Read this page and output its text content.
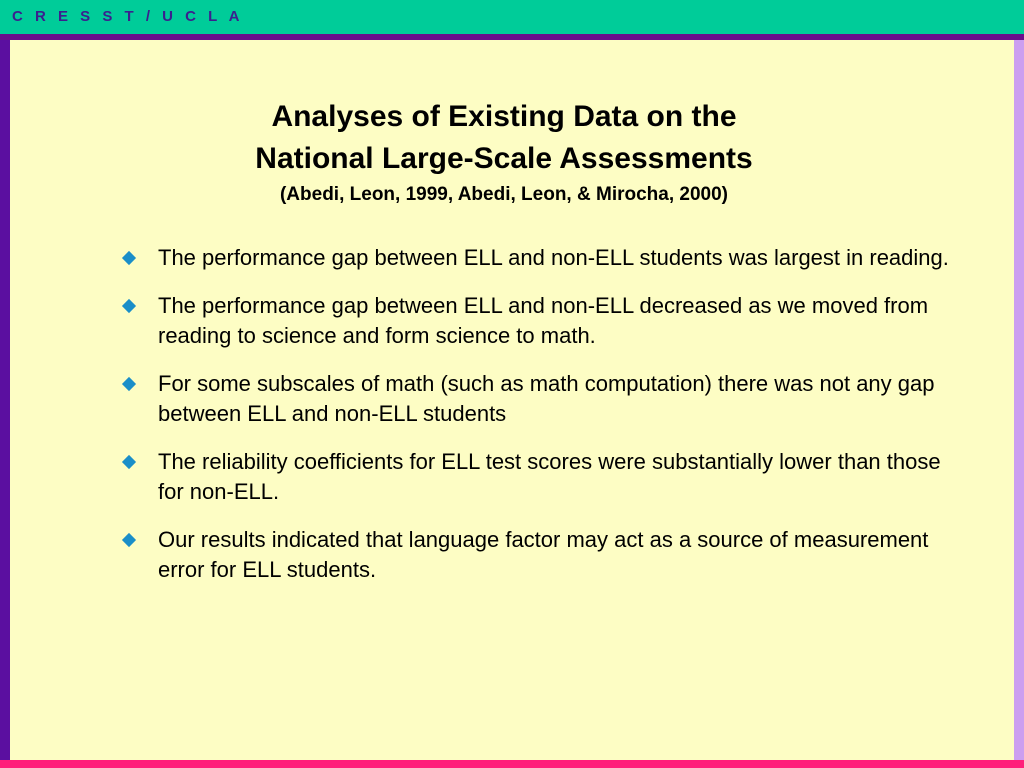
C R E S S T / U C L A
Analyses of Existing Data on the
National Large-Scale Assessments
(Abedi, Leon, 1999, Abedi, Leon, & Mirocha, 2000)
The performance gap between ELL and non-ELL students was largest in reading.
The performance gap between ELL and non-ELL decreased as we moved from reading to science and form science to math.
For some subscales of math (such as math computation) there was not any gap between ELL and non-ELL students
The reliability coefficients for ELL test scores were substantially lower than those for non-ELL.
Our results indicated that language factor may act as a source of measurement error for ELL students.
